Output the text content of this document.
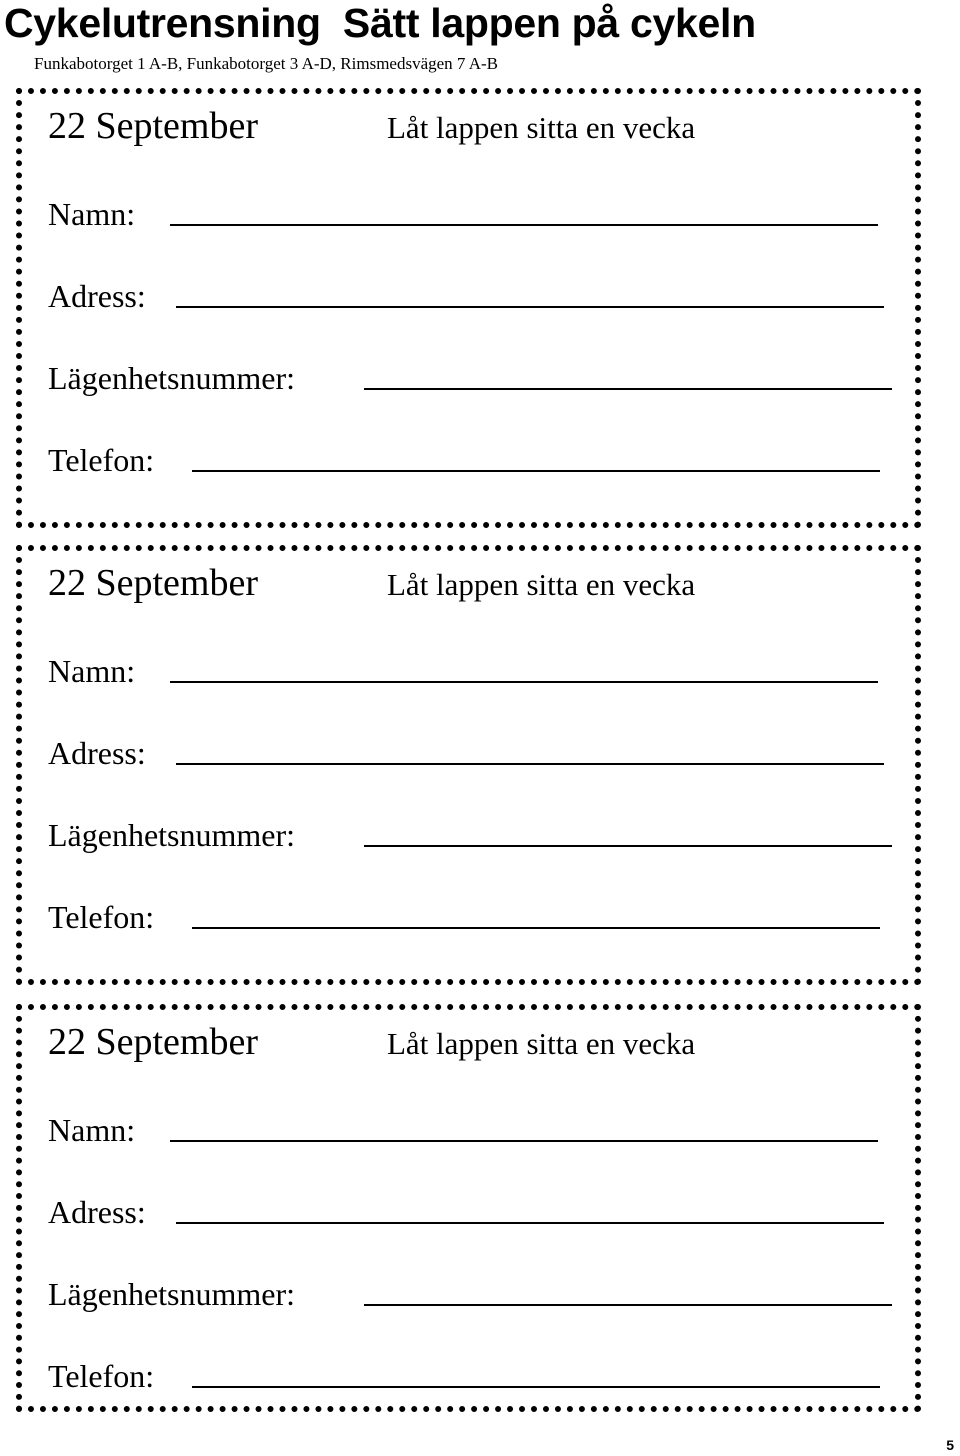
Cykelutrensning  Sätt lappen på cykeln
Funkabotorget 1 A-B, Funkabotorget 3 A-D, Rimsmedsvägen 7 A-B
22 September	Låt lappen sitta en vecka
Namn:
Adress:
Lägenhetsnummer:
Telefon:
22 September	Låt lappen sitta en vecka
Namn:
Adress:
Lägenhetsnummer:
Telefon:
22 September	Låt lappen sitta en vecka
Namn:
Adress:
Lägenhetsnummer:
Telefon:
5
